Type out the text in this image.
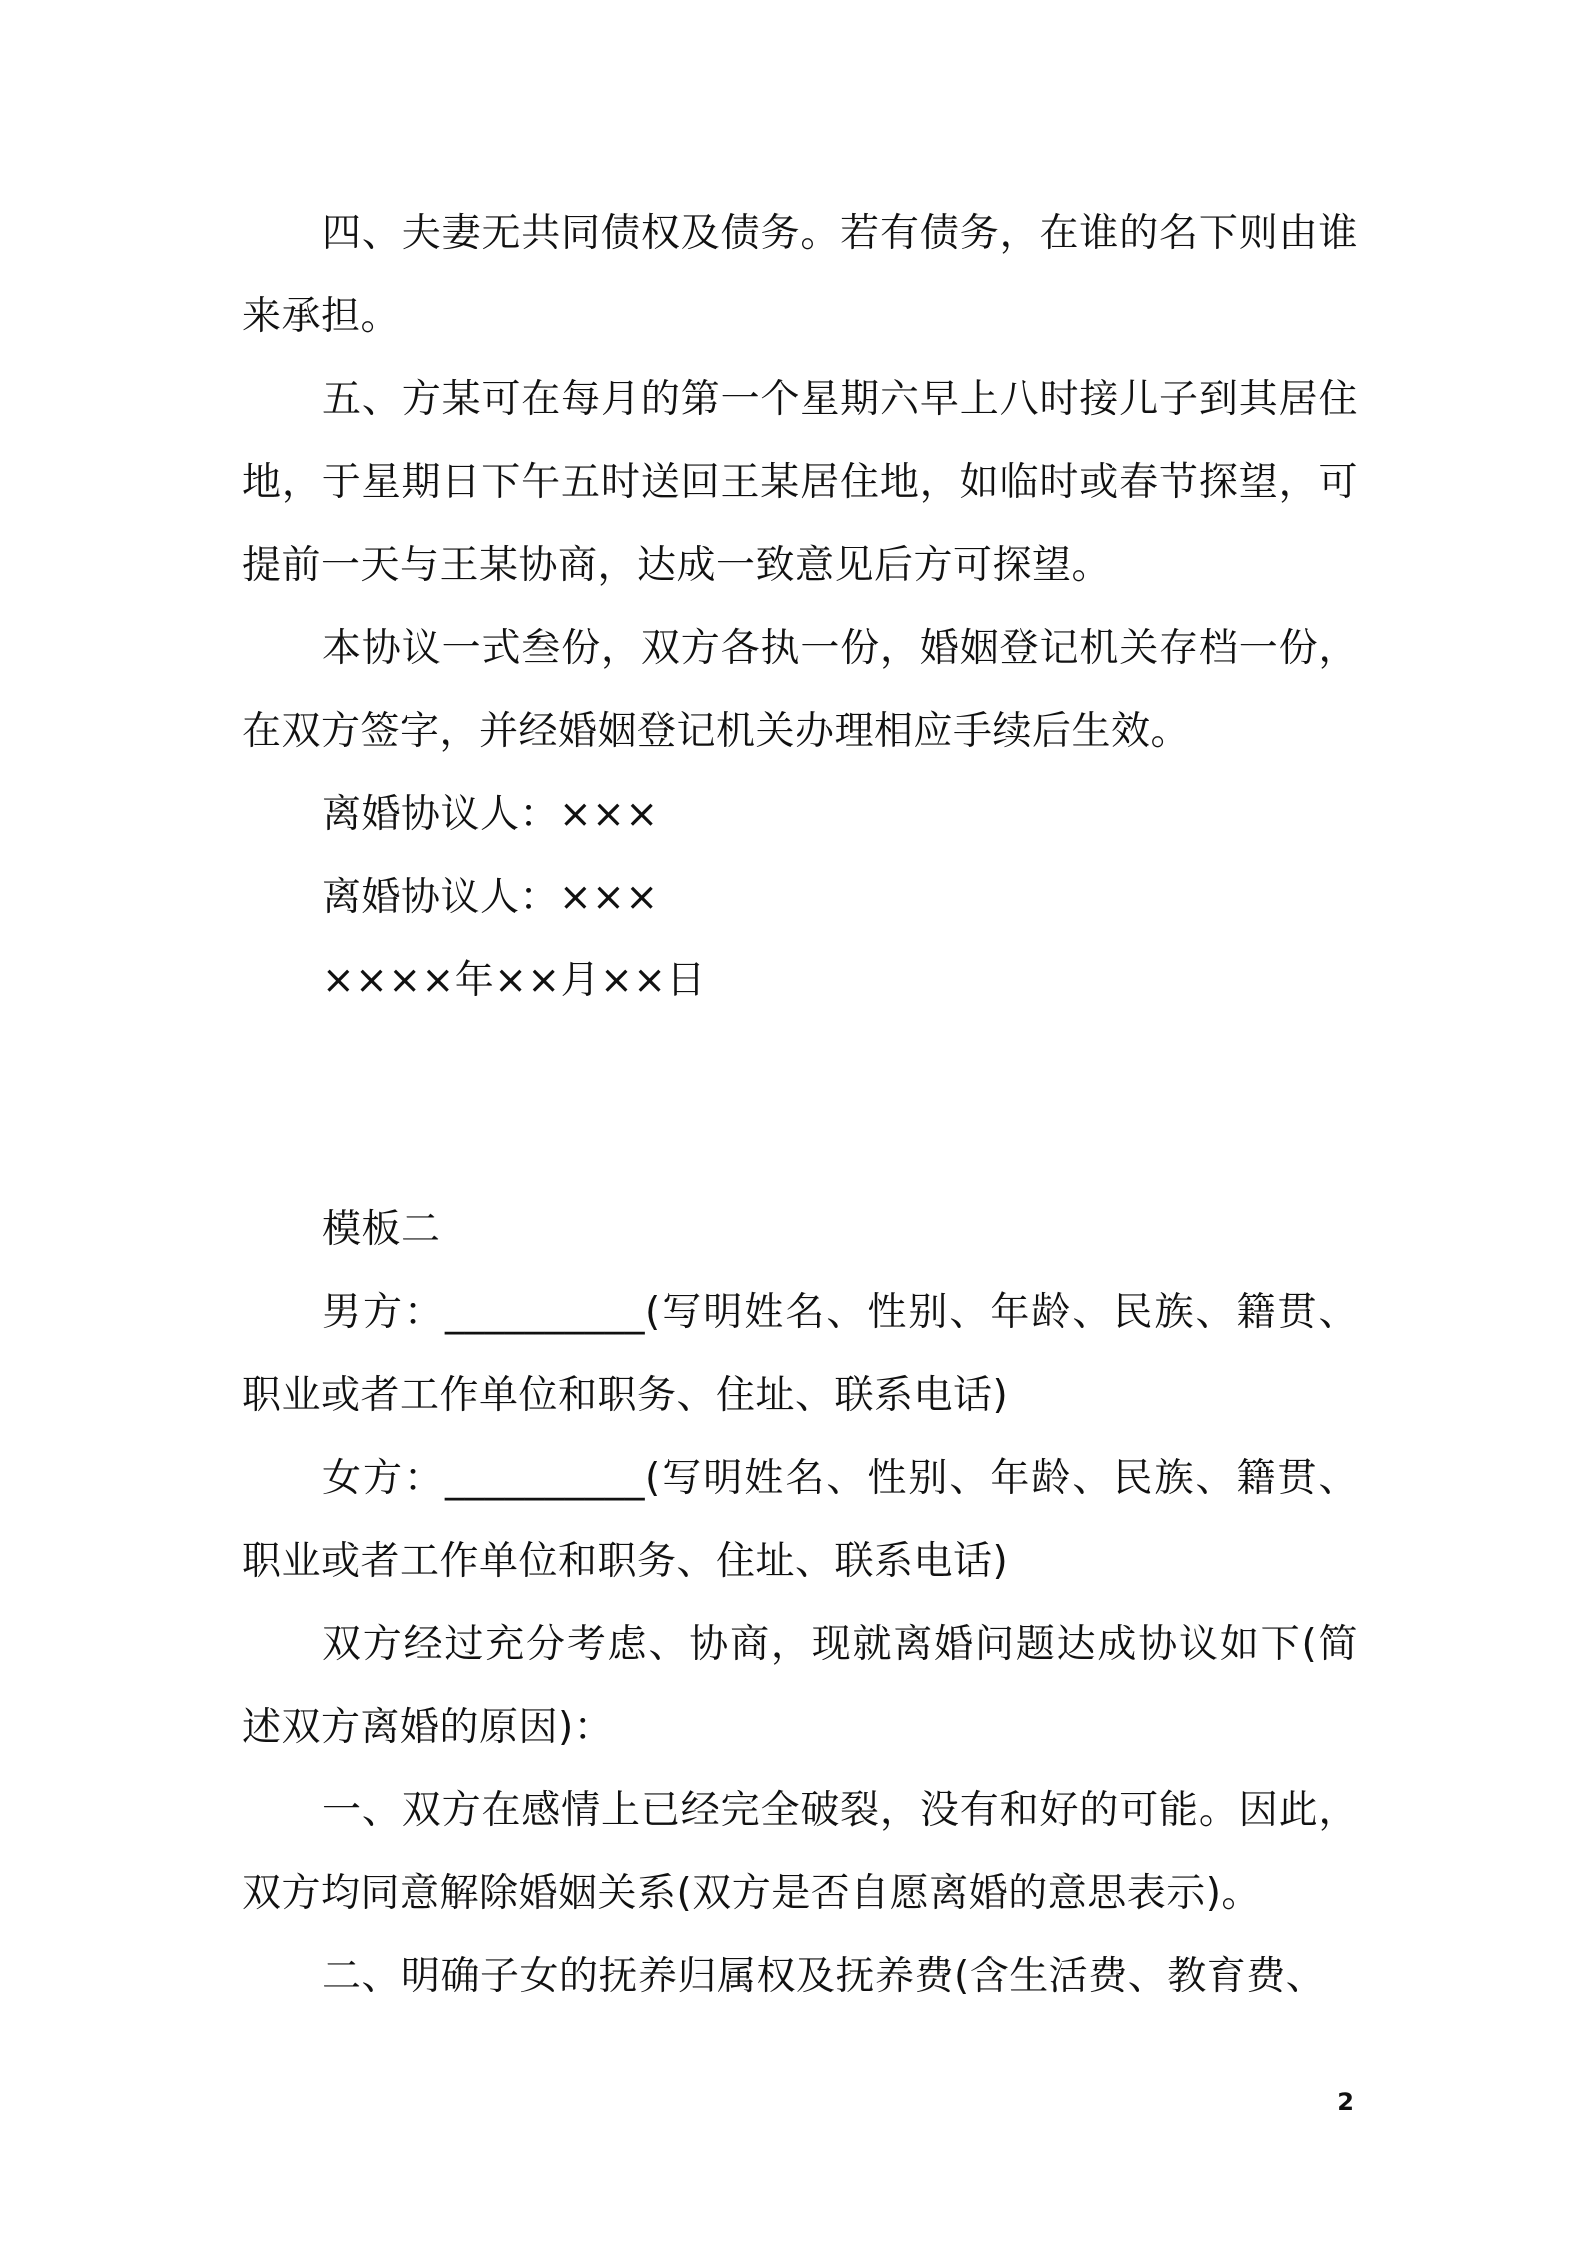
四、夫妻无共同债权及债务。若有债务，在谁的名下则由谁来承担。

五、方某可在每月的第一个星期六早上八时接儿子到其居住地，于星期日下午五时送回王某居住地，如临时或春节探望，可提前一天与王某协商，达成一致意见后方可探望。

本协议一式叁份，双方各执一份，婚姻登记机关存档一份，在双方签字，并经婚姻登记机关办理相应手续后生效。

离婚协议人：×××

离婚协议人：×××

××××年××月××日

模板二

男方：__________(写明姓名、性别、年龄、民族、籍贯、职业或者工作单位和职务、住址、联系电话)

女方：__________(写明姓名、性别、年龄、民族、籍贯、职业或者工作单位和职务、住址、联系电话)

双方经过充分考虑、协商，现就离婚问题达成协议如下(简述双方离婚的原因)：

一、双方在感情上已经完全破裂，没有和好的可能。因此，双方均同意解除婚姻关系(双方是否自愿离婚的意思表示)。

二、明确子女的抚养归属权及抚养费(含生活费、教育费、

2
